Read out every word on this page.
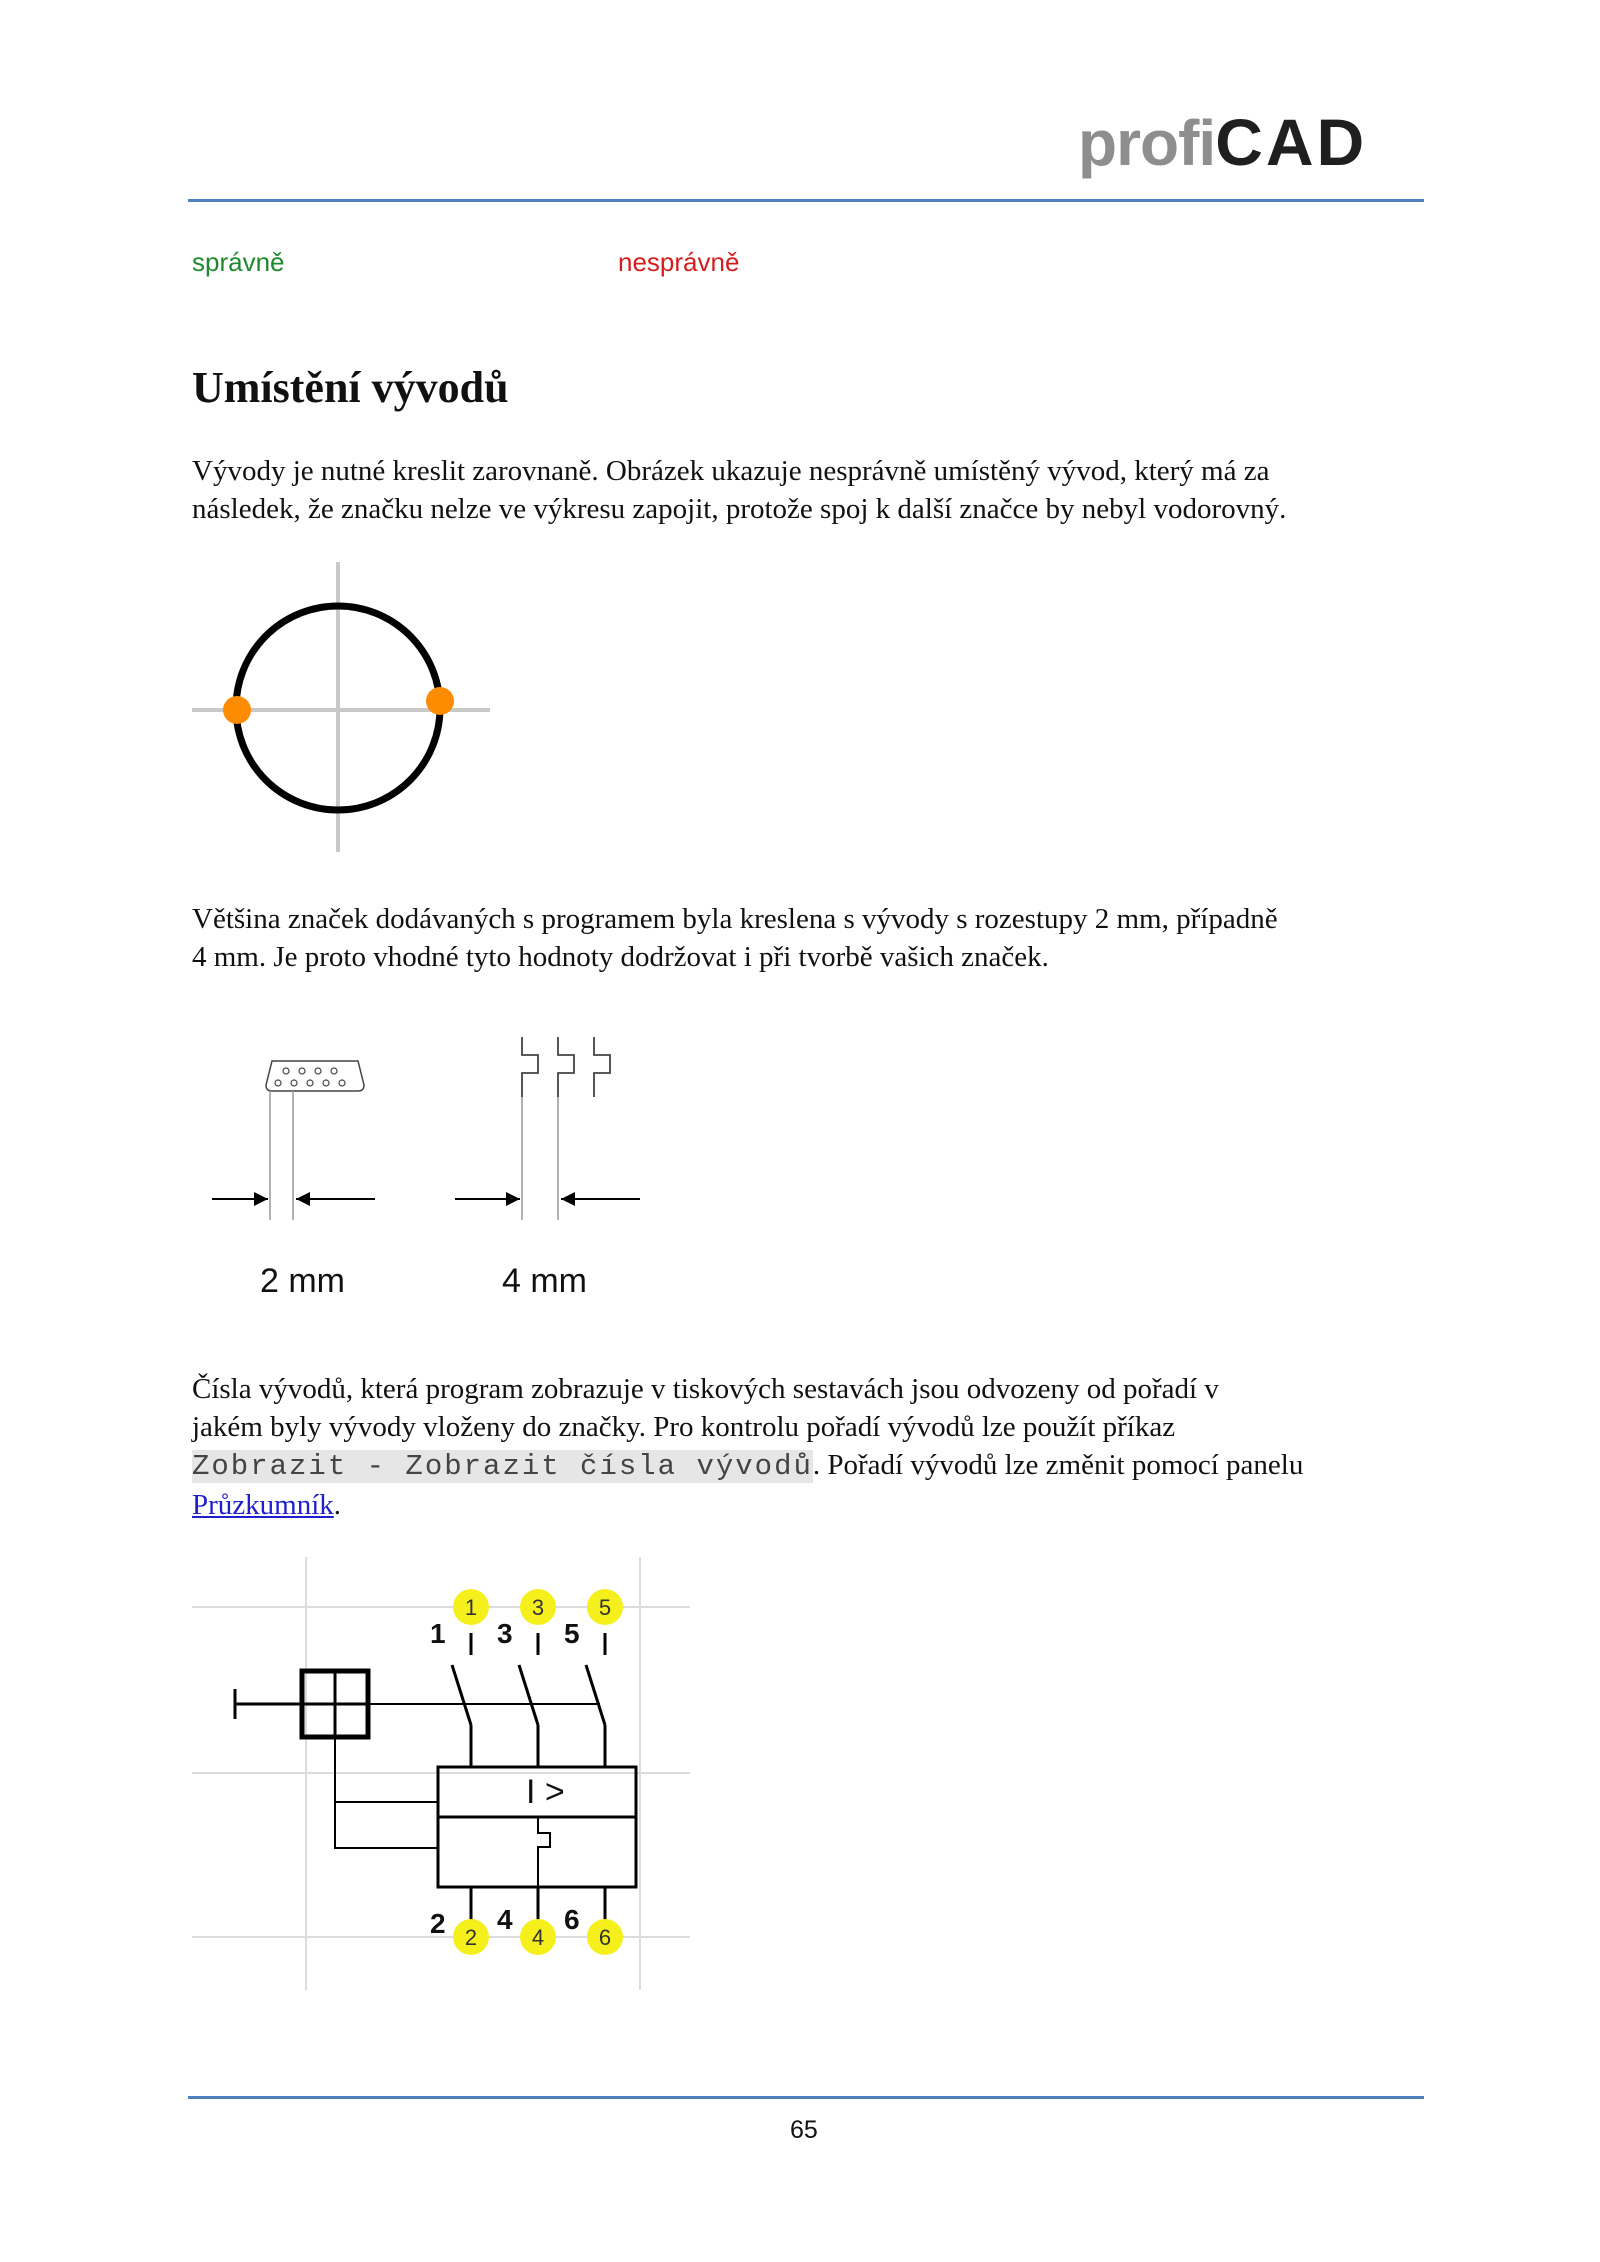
profiCAD
správně	nesprávně
Umístění vývodů
Vývody je nutné kreslit zarovnaně. Obrázek ukazuje nesprávně umístěný vývod, který má za
následek, že značku nelze ve výkresu zapojit, protože spoj k další značce by nebyl vodorovný.
Většina značek dodávaných s programem byla kreslena s vývody s rozestupy 2 mm, případně
4 mm. Je proto vhodné tyto hodnoty dodržovat i při tvorbě vašich značek.
2 mm	4 mm
Čísla vývodů, která program zobrazuje v tiskových sestavách jsou odvozeny od pořadí v
jakém byly vývody vloženy do značky. Pro kontrolu pořadí vývodů lze použít příkaz
Zobrazit - Zobrazit čísla vývodů. Pořadí vývodů lze změnit pomocí panelu
Průzkumník.
I >
1 3 5
1 3 5
2 4 6
2 4 6
65
